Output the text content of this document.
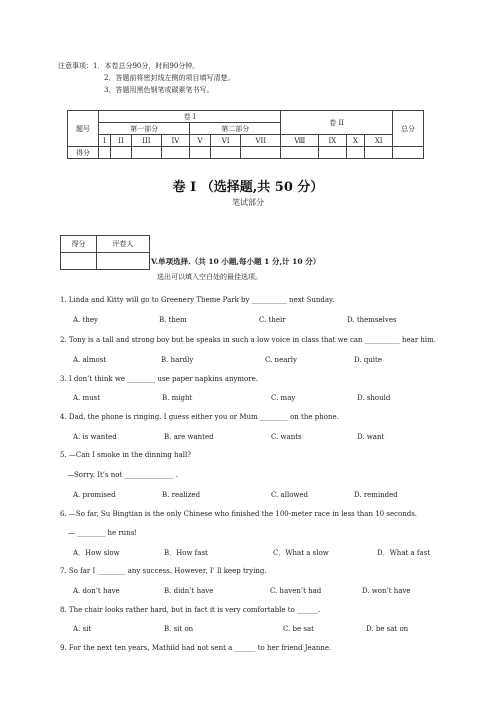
注意事项：1．本卷总分90分，时间90分钟。
2．答题前将密封线左侧的项目填写清楚。
3．答题用黑色钢笔或碳素笔书写。
题号	卷 I							卷 II				总分
	第一部分				第二部分							
	I	II	III	IV	V	VI	VII	Ⅷ	IX	X	XI	
得分												
卷 I （选择题,共 50 分）
笔试部分
得分	评卷人

V.单项选择.（共 10 小题,每小题 1 分,计 10 分）
选出可以填入空白处的最佳选项。
1. Linda and Kitty will go to Greenery Theme Park by __________ next Sunday.
A. they	B. them	C. their	D. themselves
2. Tony is a tall and strong boy but he speaks in such a low voice in class that we can __________ hear him.
A. almost	B. hardly	C. nearly	D. quite
3. I don’t think we ________ use paper napkins anymore.
A. must	B. might	C. may	D. should
4. Dad, the phone is ringing. I guess either you or Mum ________ on the phone.
A. is wanted	B. are wanted	C. wants	D. want
5. —Can I smoke in the dinning hall?
—Sorry. It’s not ______________ .
A. promised	B. realized	C. allowed	D. reminded
6. —So far, Su Bingtian is the only Chinese who finished the 100-meter race in less than 10 seconds.
— ________ he runs!
A．How slow	B．How fast	C．What a slow	D．What a fast
7. So far I ________ any success. However, I’ ll keep trying.
A. don’t have	B. didn’t have	C. haven’t had	D. won’t have
8. The chair looks rather hard, but in fact it is very comfortable to ______.
A. sit	B. sit on	C. be sat	D. be sat on
9. For the next ten years, Mathild had not sent a ______ to her friend Jeanne.
